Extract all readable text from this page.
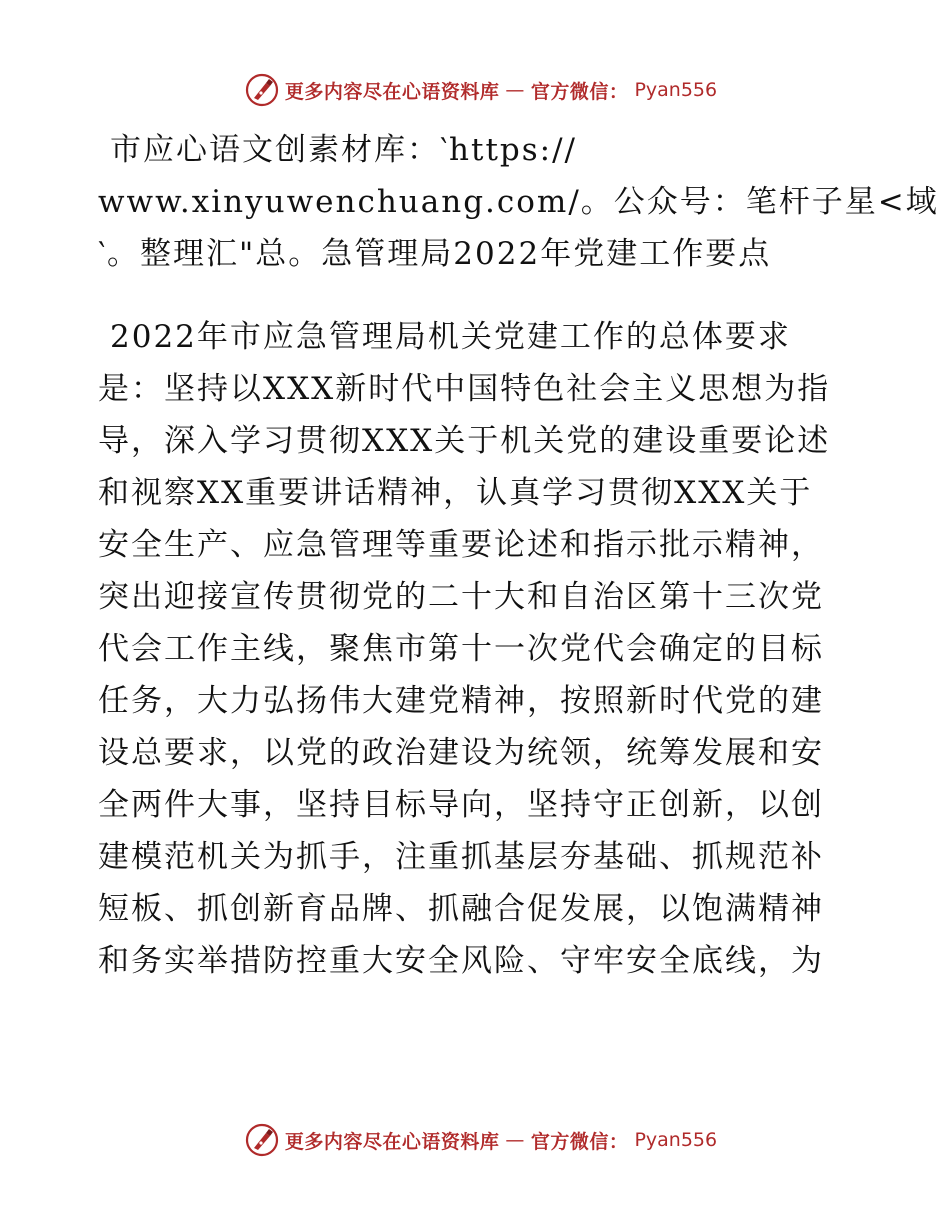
更多内容尽在心语资料库 — 官方微信： Pyan556
市应心语文创素材库：‵https://
www.xinyuwenchuang.com/。公众号：笔杆子星<域
‵。整理汇"总。急管理局2022年党建工作要点
2022年市应急管理局机关党建工作的总体要求
是：坚持以XXX新时代中国特色社会主义思想为指
导，深入学习贯彻XXX关于机关党的建设重要论述
和视察XX重要讲话精神，认真学习贯彻XXX关于
安全生产、应急管理等重要论述和指示批示精神，
突出迎接宣传贯彻党的二十大和自治区第十三次党
代会工作主线，聚焦市第十一次党代会确定的目标
任务，大力弘扬伟大建党精神，按照新时代党的建
设总要求，以党的政治建设为统领，统筹发展和安
全两件大事，坚持目标导向，坚持守正创新，以创
建模范机关为抓手，注重抓基层夯基础、抓规范补
短板、抓创新育品牌、抓融合促发展，以饱满精神
和务实举措防控重大安全风险、守牢安全底线，为
更多内容尽在心语资料库 — 官方微信： Pyan556
